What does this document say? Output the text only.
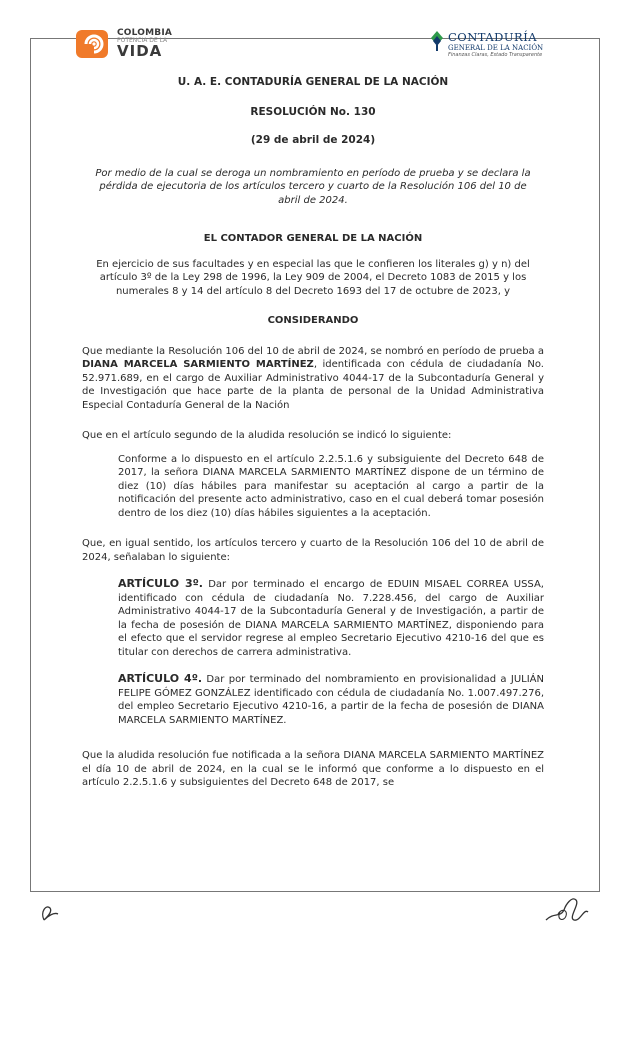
COLOMBIA
POTENCIA DE LA
VIDA
CONTADURÍA
GENERAL DE LA NACIÓN
Finanzas Claras, Estado Transparente
U. A. E. CONTADURÍA GENERAL DE LA NACIÓN
RESOLUCIÓN No. 130
(29 de abril de 2024)
Por medio de la cual se deroga un nombramiento en período de prueba y se declara la pérdida de ejecutoria de los artículos tercero y cuarto de la Resolución 106 del 10 de abril de 2024.
EL CONTADOR GENERAL DE LA NACIÓN
En ejercicio de sus facultades y en especial las que le confieren los literales g) y n) del artículo 3º de la Ley 298 de 1996, la Ley 909 de 2004, el Decreto 1083 de 2015 y los numerales 8 y 14 del artículo 8 del Decreto 1693 del 17 de octubre de 2023, y
CONSIDERANDO
Que mediante la Resolución 106 del 10 de abril de 2024, se nombró en período de prueba a DIANA MARCELA SARMIENTO MARTÍNEZ, identificada con cédula de ciudadanía No. 52.971.689, en el cargo de Auxiliar Administrativo 4044-17 de la Subcontaduría General y de Investigación que hace parte de la planta de personal de la Unidad Administrativa Especial Contaduría General de la Nación
Que en el artículo segundo de la aludida resolución se indicó lo siguiente:
Conforme a lo dispuesto en el artículo 2.2.5.1.6 y subsiguiente del Decreto 648 de 2017, la señora DIANA MARCELA SARMIENTO MARTÍNEZ dispone de un término de diez (10) días hábiles para manifestar su aceptación al cargo a partir de la notificación del presente acto administrativo, caso en el cual deberá tomar posesión dentro de los diez (10) días hábiles siguientes a la aceptación.
Que, en igual sentido, los artículos tercero y cuarto de la Resolución 106 del 10 de abril de 2024, señalaban lo siguiente:
ARTÍCULO 3º. Dar por terminado el encargo de EDUIN MISAEL CORREA USSA, identificado con cédula de ciudadanía No. 7.228.456, del cargo de Auxiliar Administrativo 4044-17 de la Subcontaduría General y de Investigación, a partir de la fecha de posesión de DIANA MARCELA SARMIENTO MARTÍNEZ, disponiendo para el efecto que el servidor regrese al empleo Secretario Ejecutivo 4210-16 del que es titular con derechos de carrera administrativa.
ARTÍCULO 4º. Dar por terminado del nombramiento en provisionalidad a JULIÁN FELIPE GÓMEZ GONZÁLEZ identificado con cédula de ciudadanía No. 1.007.497.276, del empleo Secretario Ejecutivo 4210-16, a partir de la fecha de posesión de DIANA MARCELA SARMIENTO MARTÍNEZ.
Que la aludida resolución fue notificada a la señora DIANA MARCELA SARMIENTO MARTÍNEZ el día 10 de abril de 2024, en la cual se le informó que conforme a lo dispuesto en el artículo 2.2.5.1.6 y subsiguientes del Decreto 648 de 2017, se
